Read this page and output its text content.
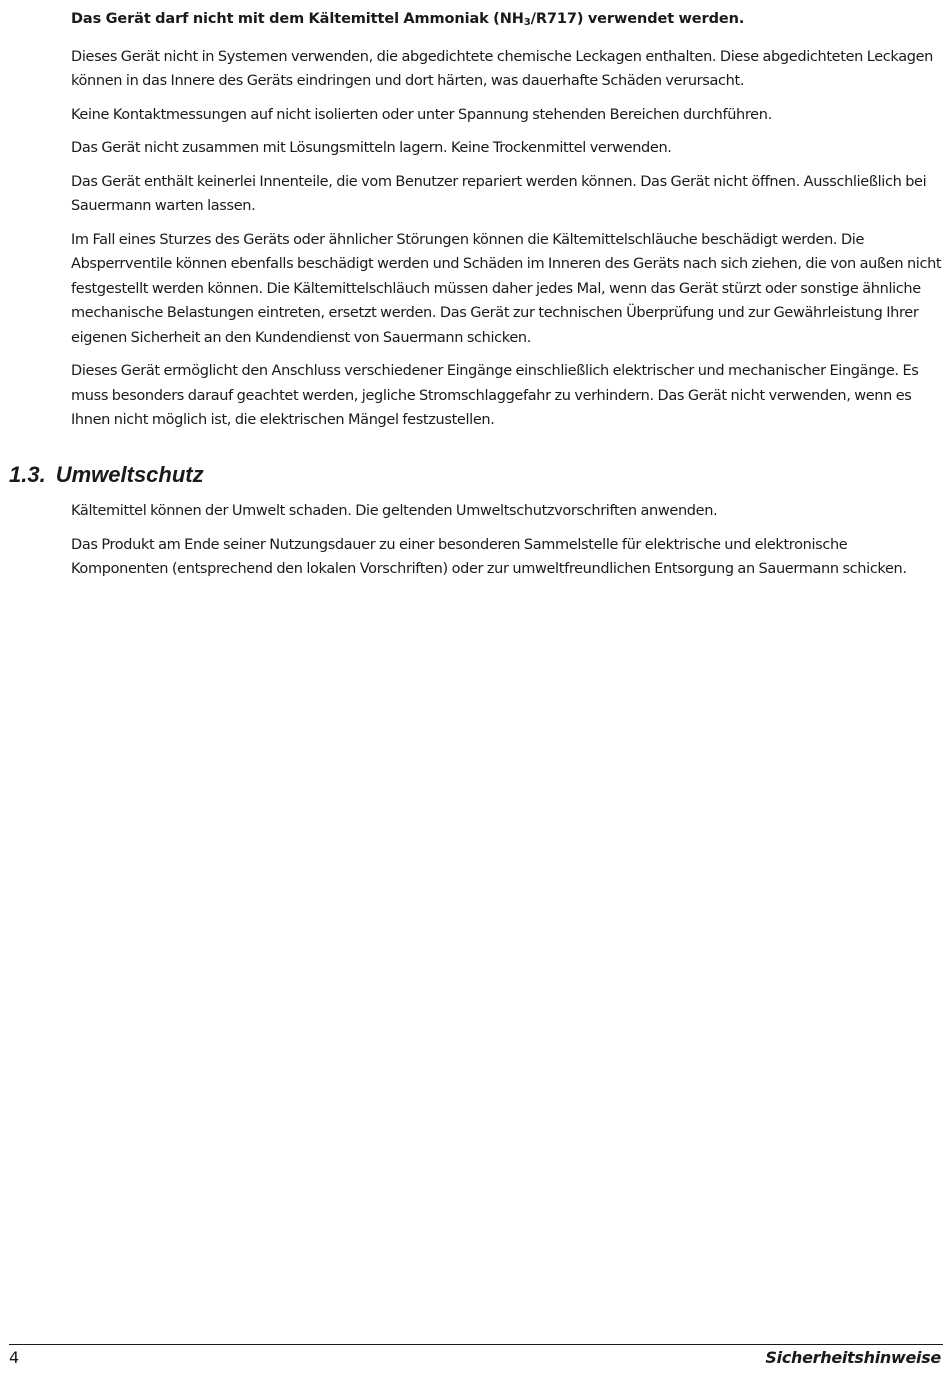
Das Gerät darf nicht mit dem Kältemittel Ammoniak $(NH_3/R717)$ verwendet werden.

Dieses Gerät nicht in Systemen verwenden, die abgedichtete chemische Leckagen enthalten. Diese abgedichteten Leckagen können in das Innere des Geräts eindringen und dort härten, was dauerhafte Schäden verursacht.

Keine Kontaktmessungen auf nicht isolierten oder unter Spannung stehenden Bereichen durchführen.

Das Gerät nicht zusammen mit Lösungsmitteln lagern. Keine Trockenmittel verwenden.

Das Gerät enthält keinerlei Innenteile, die vom Benutzer repariert werden können. Das Gerät nicht öffnen. Ausschließlich bei Sauermann warten lassen.

Im Fall eines Sturzes des Geräts oder ähnlicher Störungen können die Kältemittelschläuche beschädigt werden. Die Absperrventile können ebenfalls beschädigt werden und Schäden im Inneren des Geräts nach sich ziehen, die von außen nicht festgestellt werden können. Die Kältemittelschläuch müssen daher jedes Mal, wenn das Gerät stürzt oder sonstige ähnliche mechanische Belastungen eintreten, ersetzt werden. Das Gerät zur technischen Überprüfung und zur Gewährleistung Ihrer eigenen Sicherheit an den Kundendienst von Sauermann schicken.

Dieses Gerät ermöglicht den Anschluss verschiedener Eingänge einschließlich elektrischer und mechanischer Eingänge. Es muss besonders darauf geachtet werden, jegliche Stromschlaggefahr zu verhindern. Das Gerät nicht verwenden, wenn es Ihnen nicht möglich ist, die elektrischen Mängel festzustellen.

1.3. Umweltschutz

Kältemittel können der Umwelt schaden. Die geltenden Umweltschutzvorschriften anwenden.

Das Produkt am Ende seiner Nutzungsdauer zu einer besonderen Sammelstelle für elektrische und elektronische Komponenten (entsprechend den lokalen Vorschriften) oder zur umweltfreundlichen Entsorgung an Sauermann schicken.

4	Sicherheitshinweise
